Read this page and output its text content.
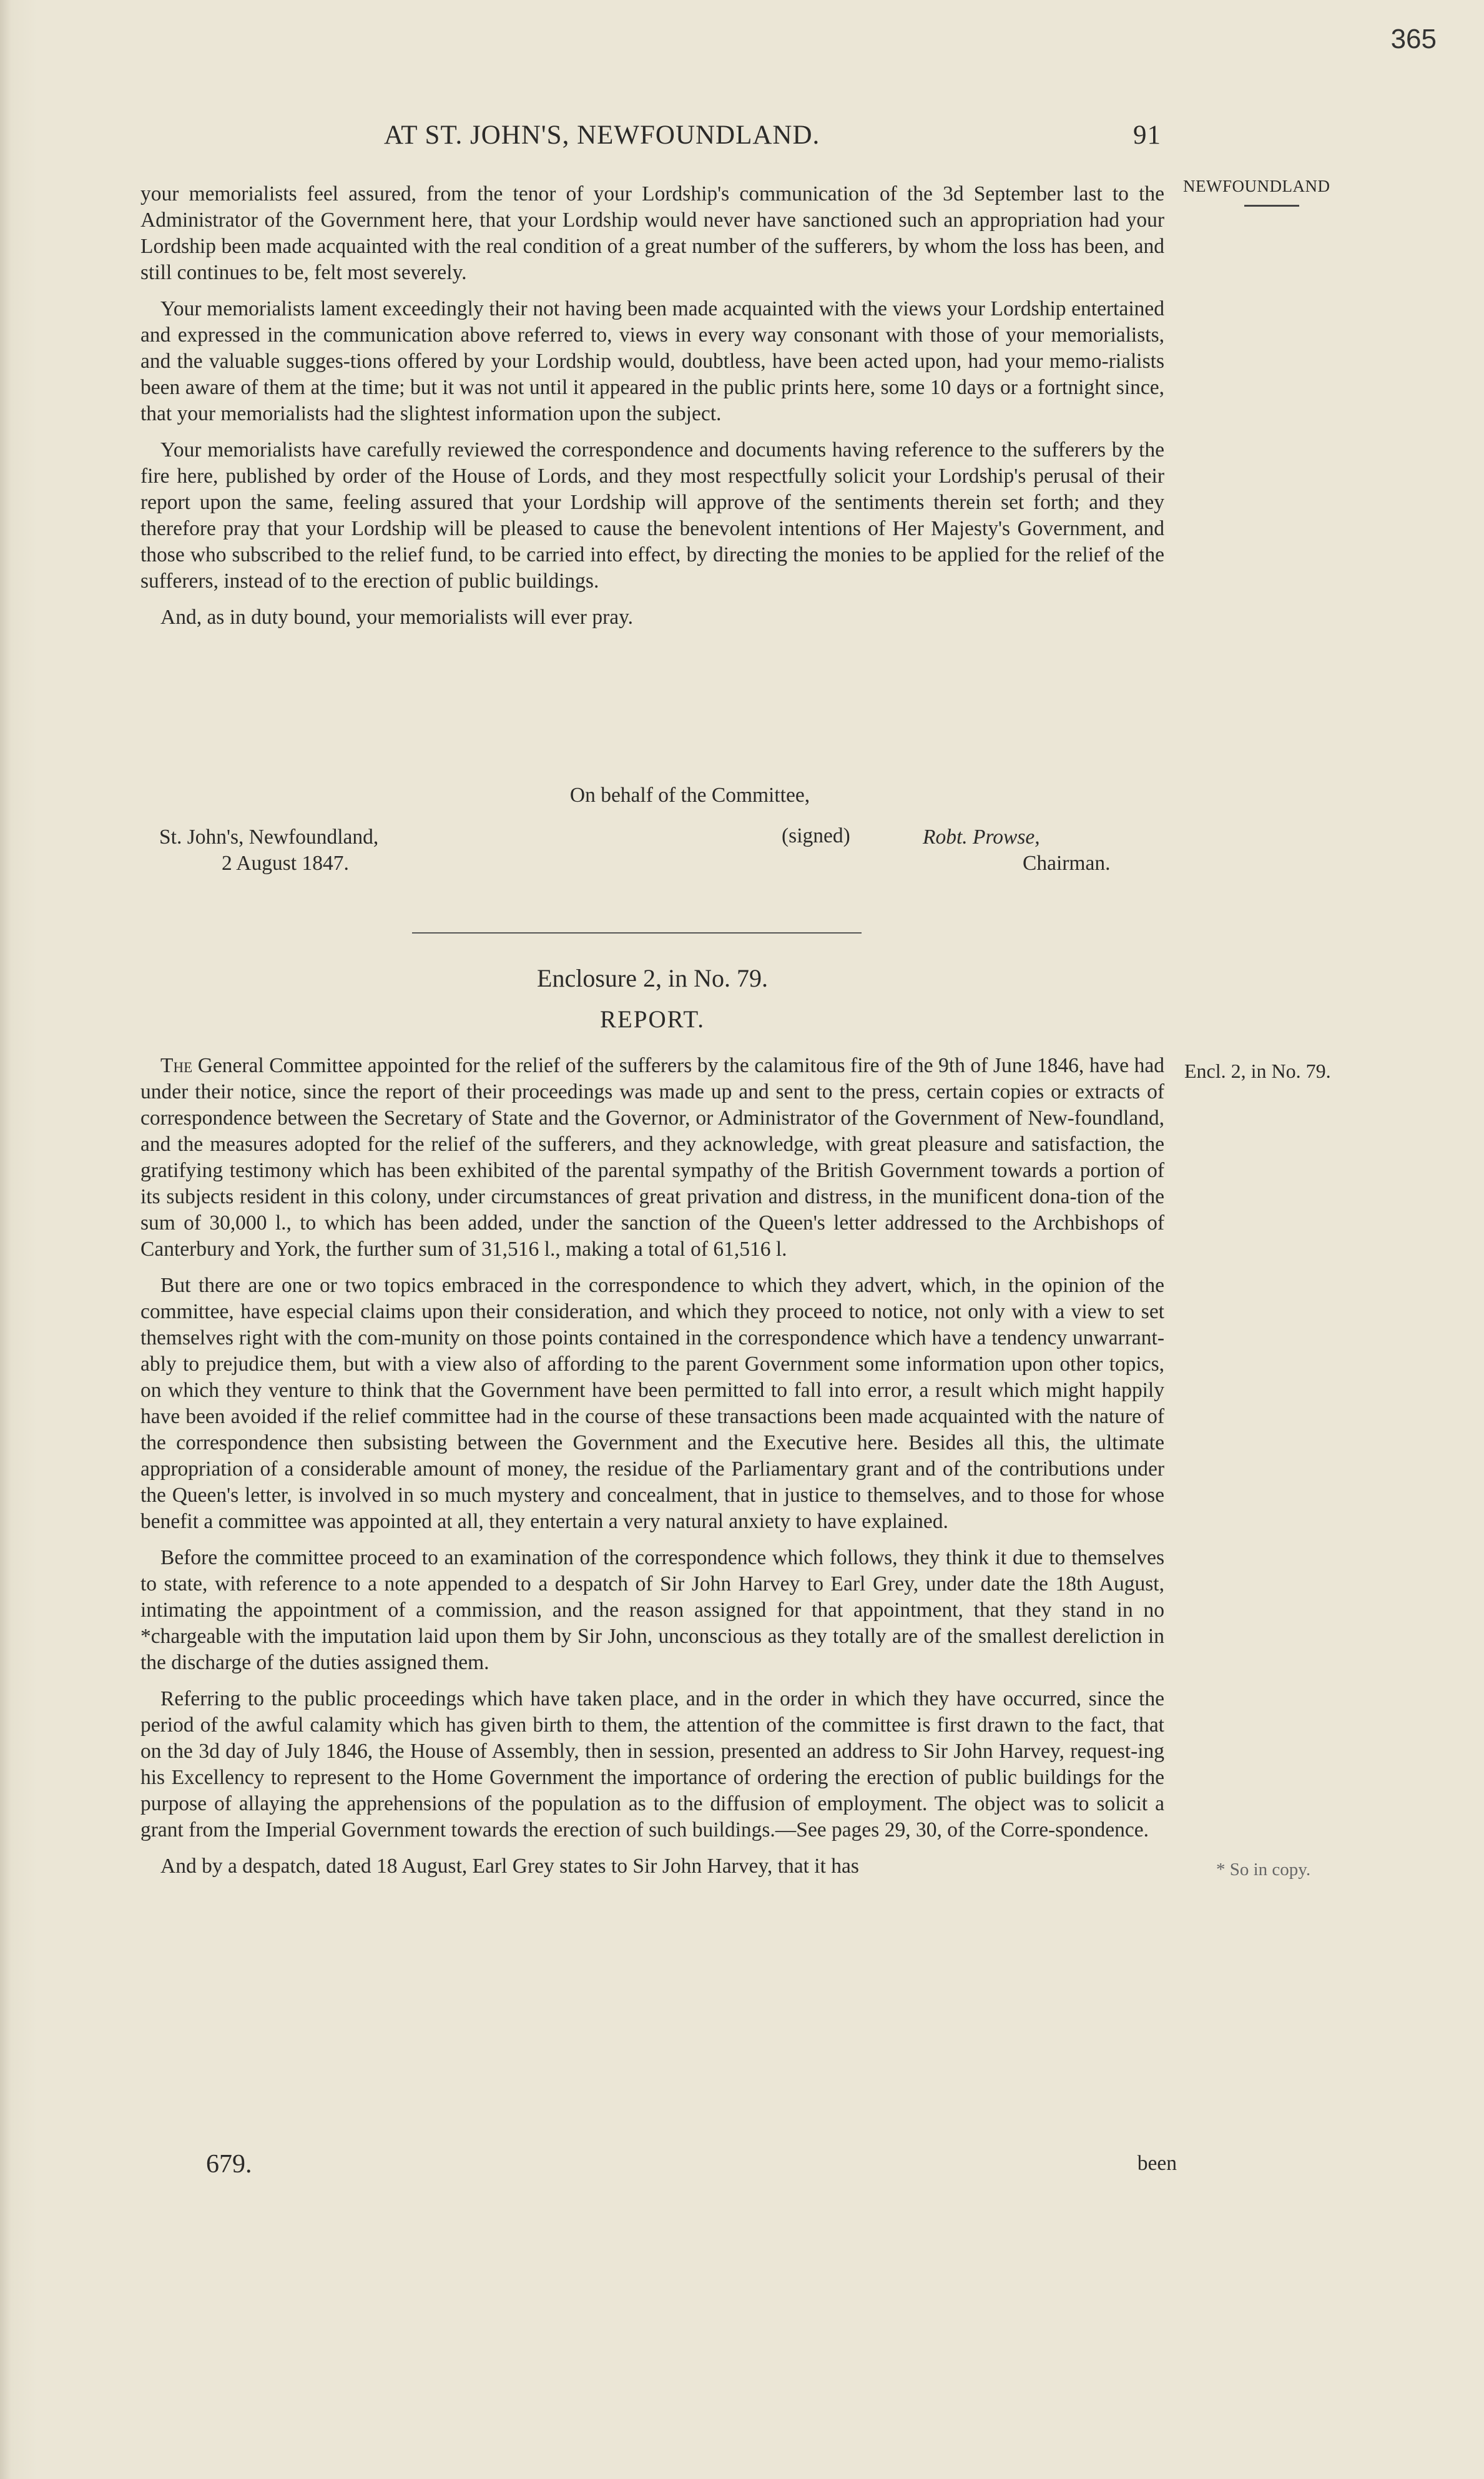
365
AT ST. JOHN'S, NEWFOUNDLAND.	91
NEWFOUNDLAND

your memorialists feel assured, from the tenor of your Lordship's communication of the 3d September last to the Administrator of the Government here, that your Lordship would never have sanctioned such an appropriation had your Lordship been made acquainted with the real condition of a great number of the sufferers, by whom the loss has been, and still continues to be, felt most severely.

Your memorialists lament exceedingly their not having been made acquainted with the views your Lordship entertained and expressed in the communication above referred to, views in every way consonant with those of your memorialists, and the valuable sugges-tions offered by your Lordship would, doubtless, have been acted upon, had your memo-rialists been aware of them at the time; but it was not until it appeared in the public prints here, some 10 days or a fortnight since, that your memorialists had the slightest information upon the subject.

Your memorialists have carefully reviewed the correspondence and documents having reference to the sufferers by the fire here, published by order of the House of Lords, and they most respectfully solicit your Lordship's perusal of their report upon the same, feeling assured that your Lordship will approve of the sentiments therein set forth; and they therefore pray that your Lordship will be pleased to cause the benevolent intentions of Her Majesty's Government, and those who subscribed to the relief fund, to be carried into effect, by directing the monies to be applied for the relief of the sufferers, instead of to the erection of public buildings.

And, as in duty bound, your memorialists will ever pray.

On behalf of the Committee,
St. John's, Newfoundland,
2 August 1847.
(signed)	Robt. Prowse,
Chairman.
Enclosure 2, in No. 79.
REPORT.
Encl. 2, in No. 79.

The General Committee appointed for the relief of the sufferers by the calamitous fire of the 9th of June 1846, have had under their notice, since the report of their proceedings was made up and sent to the press, certain copies or extracts of correspondence between the Secretary of State and the Governor, or Administrator of the Government of New-foundland, and the measures adopted for the relief of the sufferers, and they acknowledge, with great pleasure and satisfaction, the gratifying testimony which has been exhibited of the parental sympathy of the British Government towards a portion of its subjects resident in this colony, under circumstances of great privation and distress, in the munificent dona-tion of the sum of 30,000 l., to which has been added, under the sanction of the Queen's letter addressed to the Archbishops of Canterbury and York, the further sum of 31,516 l., making a total of 61,516 l.

But there are one or two topics embraced in the correspondence to which they advert, which, in the opinion of the committee, have especial claims upon their consideration, and which they proceed to notice, not only with a view to set themselves right with the com-munity on those points contained in the correspondence which have a tendency unwarrant-ably to prejudice them, but with a view also of affording to the parent Government some information upon other topics, on which they venture to think that the Government have been permitted to fall into error, a result which might happily have been avoided if the relief committee had in the course of these transactions been made acquainted with the nature of the correspondence then subsisting between the Government and the Executive here. Besides all this, the ultimate appropriation of a considerable amount of money, the residue of the Parliamentary grant and of the contributions under the Queen's letter, is involved in so much mystery and concealment, that in justice to themselves, and to those for whose benefit a committee was appointed at all, they entertain a very natural anxiety to have explained.

Before the committee proceed to an examination of the correspondence which follows, they think it due to themselves to state, with reference to a note appended to a despatch of Sir John Harvey to Earl Grey, under date the 18th August, intimating the appointment of a commission, and the reason assigned for that appointment, that they stand in no *chargeable with the imputation laid upon them by Sir John, unconscious as they totally are of the smallest dereliction in the discharge of the duties assigned them.

Referring to the public proceedings which have taken place, and in the order in which they have occurred, since the period of the awful calamity which has given birth to them, the attention of the committee is first drawn to the fact, that on the 3d day of July 1846, the House of Assembly, then in session, presented an address to Sir John Harvey, request-ing his Excellency to represent to the Home Government the importance of ordering the erection of public buildings for the purpose of allaying the apprehensions of the population as to the diffusion of employment. The object was to solicit a grant from the Imperial Government towards the erection of such buildings.—See pages 29, 30, of the Corre-spondence.

And by a despatch, dated 18 August, Earl Grey states to Sir John Harvey, that it has	* So in copy.
679.	been
